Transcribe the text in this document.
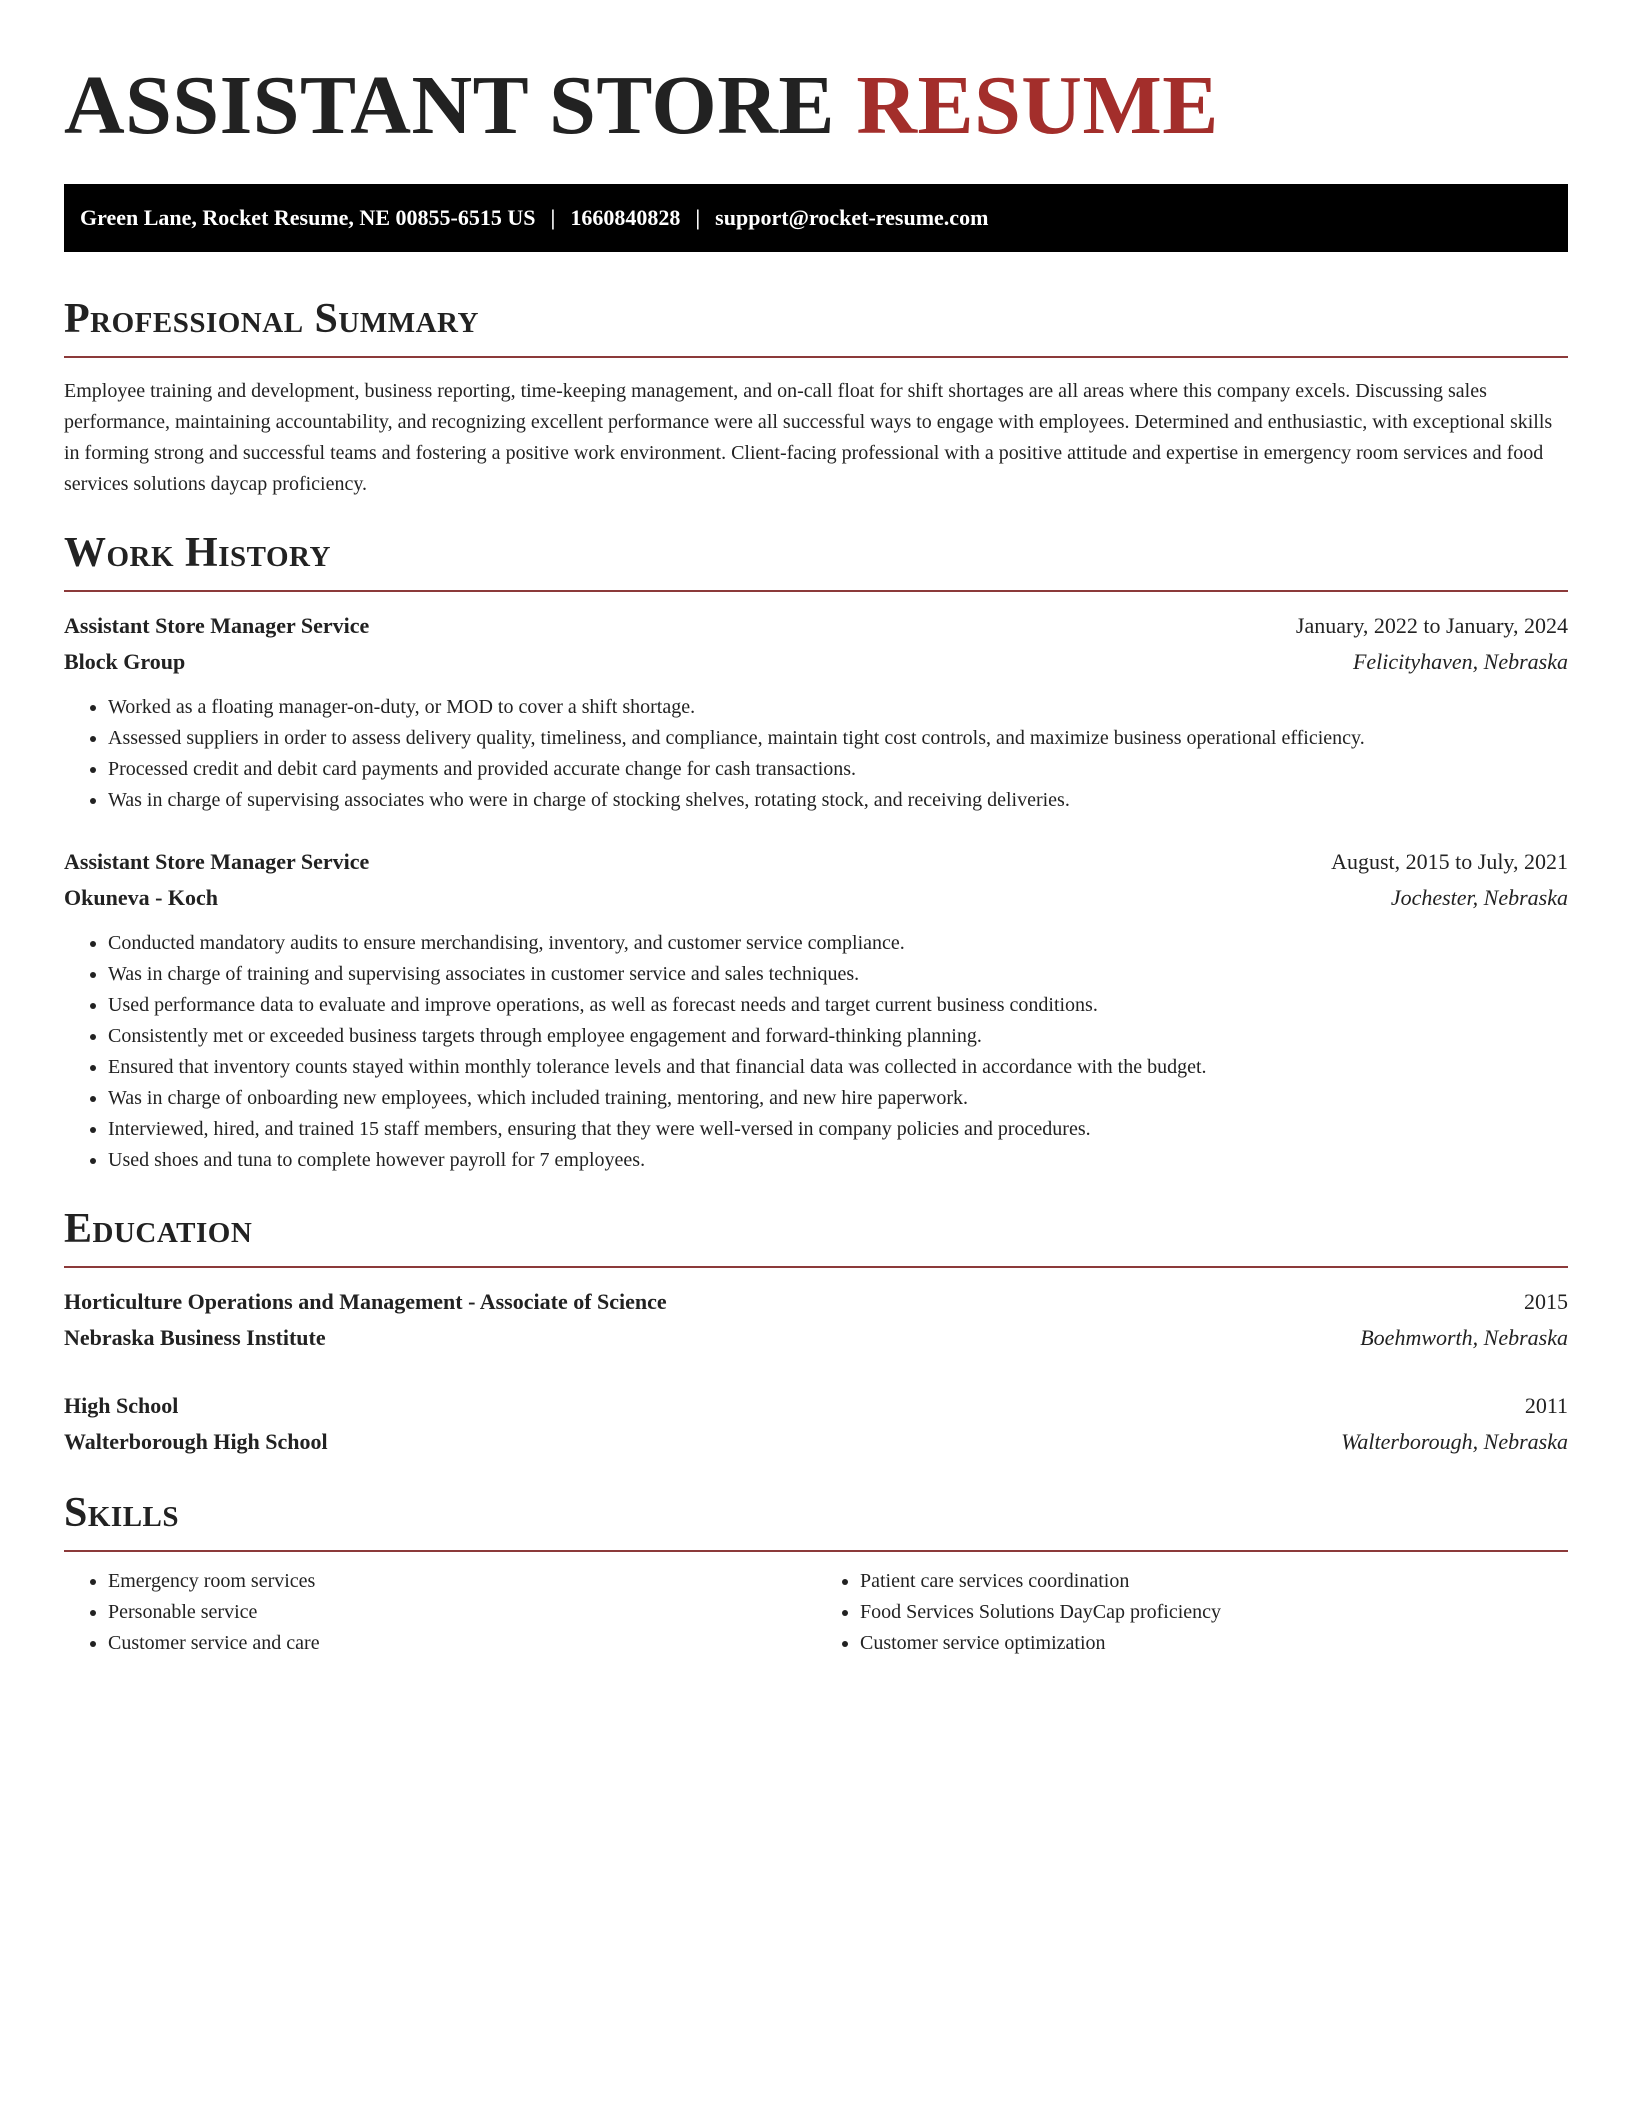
ASSISTANT STORE RESUME
Green Lane, Rocket Resume, NE 00855-6515 US | 1660840828 | support@rocket-resume.com
Professional Summary

Employee training and development, business reporting, time-keeping management, and on-call float for shift shortages are all areas where this company excels. Discussing sales performance, maintaining accountability, and recognizing excellent performance were all successful ways to engage with employees. Determined and enthusiastic, with exceptional skills in forming strong and successful teams and fostering a positive work environment. Client-facing professional with a positive attitude and expertise in emergency room services and food services solutions daycap proficiency.

Work History
Assistant Store Manager Service	January, 2022 to January, 2024
Block Group	Felicityhaven, Nebraska
• Worked as a floating manager-on-duty, or MOD to cover a shift shortage.
• Assessed suppliers in order to assess delivery quality, timeliness, and compliance, maintain tight cost controls, and maximize business operational efficiency.
• Processed credit and debit card payments and provided accurate change for cash transactions.
• Was in charge of supervising associates who were in charge of stocking shelves, rotating stock, and receiving deliveries.
Assistant Store Manager Service	August, 2015 to July, 2021
Okuneva - Koch	Jochester, Nebraska
• Conducted mandatory audits to ensure merchandising, inventory, and customer service compliance.
• Was in charge of training and supervising associates in customer service and sales techniques.
• Used performance data to evaluate and improve operations, as well as forecast needs and target current business conditions.
• Consistently met or exceeded business targets through employee engagement and forward-thinking planning.
• Ensured that inventory counts stayed within monthly tolerance levels and that financial data was collected in accordance with the budget.
• Was in charge of onboarding new employees, which included training, mentoring, and new hire paperwork.
• Interviewed, hired, and trained 15 staff members, ensuring that they were well-versed in company policies and procedures.
• Used shoes and tuna to complete however payroll for 7 employees.
Education
Horticulture Operations and Management - Associate of Science	2015
Nebraska Business Institute	Boehmworth, Nebraska
High School	2011
Walterborough High School	Walterborough, Nebraska
Skills
• Emergency room services
• Personable service
• Customer service and care
• Patient care services coordination
• Food Services Solutions DayCap proficiency
• Customer service optimization
